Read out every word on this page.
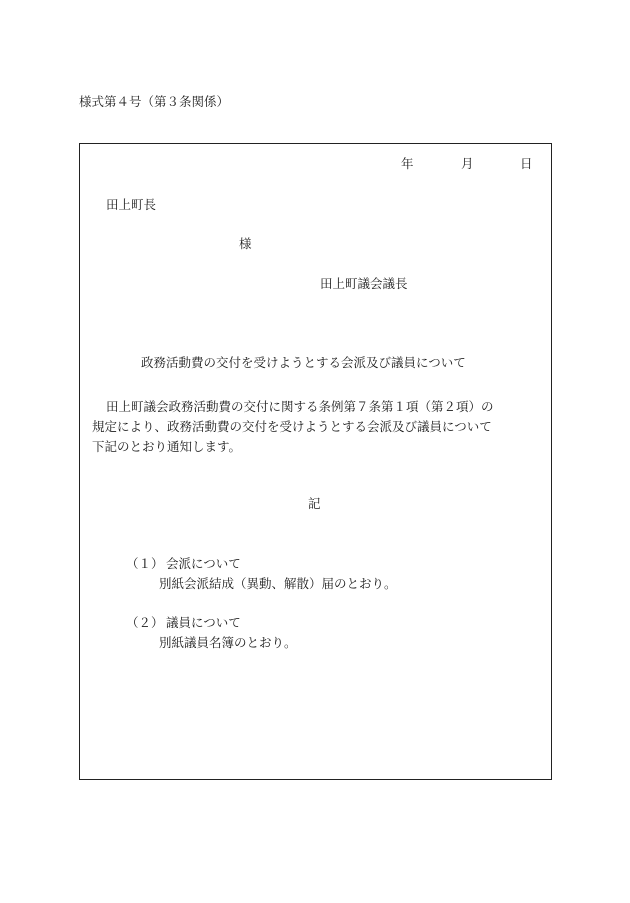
様式第４号（第３条関係）
年	月	日
田上町長
様
田上町議会議長
政務活動費の交付を受けようとする会派及び議員について
田上町議会政務活動費の交付に関する条例第７条第１項（第２項）の
規定により、政務活動費の交付を受けようとする会派及び議員について
下記のとおり通知します。
記
（１） 会派について
別紙会派結成（異動、解散）届のとおり。
（２） 議員について
別紙議員名簿のとおり。
